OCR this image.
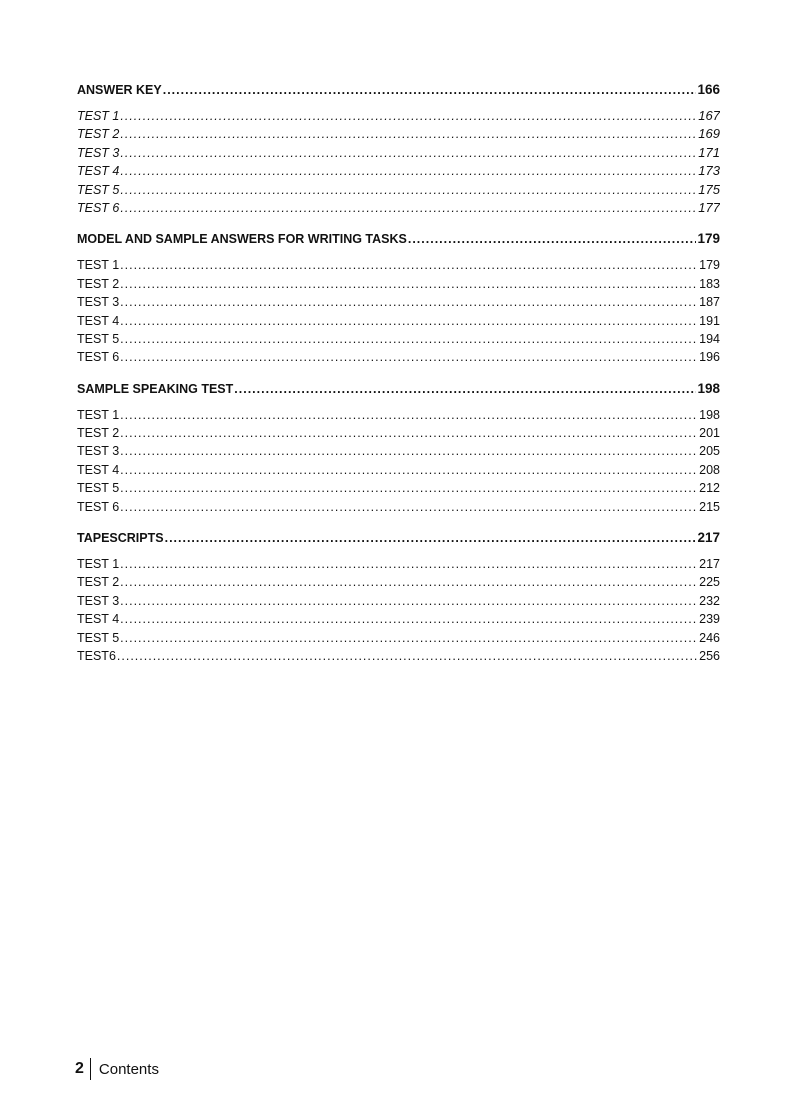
ANSWER KEY .....	166
TEST 1 .....	167
TEST 2 .....	169
TEST 3 .....	171
TEST 4 .....	173
TEST 5 .....	175
TEST 6 .....	177
MODEL AND SAMPLE ANSWERS FOR WRITING TASKS .....	179
TEST 1 .....	179
TEST 2 .....	183
TEST 3 .....	187
TEST 4 .....	191
TEST 5 .....	194
TEST 6 .....	196
SAMPLE SPEAKING TEST .....	198
TEST 1 .....	198
TEST 2 .....	201
TEST 3 .....	205
TEST 4 .....	208
TEST 5 .....	212
TEST 6 .....	215
TAPESCRIPTS .....	217
TEST 1 .....	217
TEST 2 .....	225
TEST 3 .....	232
TEST 4 .....	239
TEST 5 .....	246
TEST6 .....	256
2 Contents
